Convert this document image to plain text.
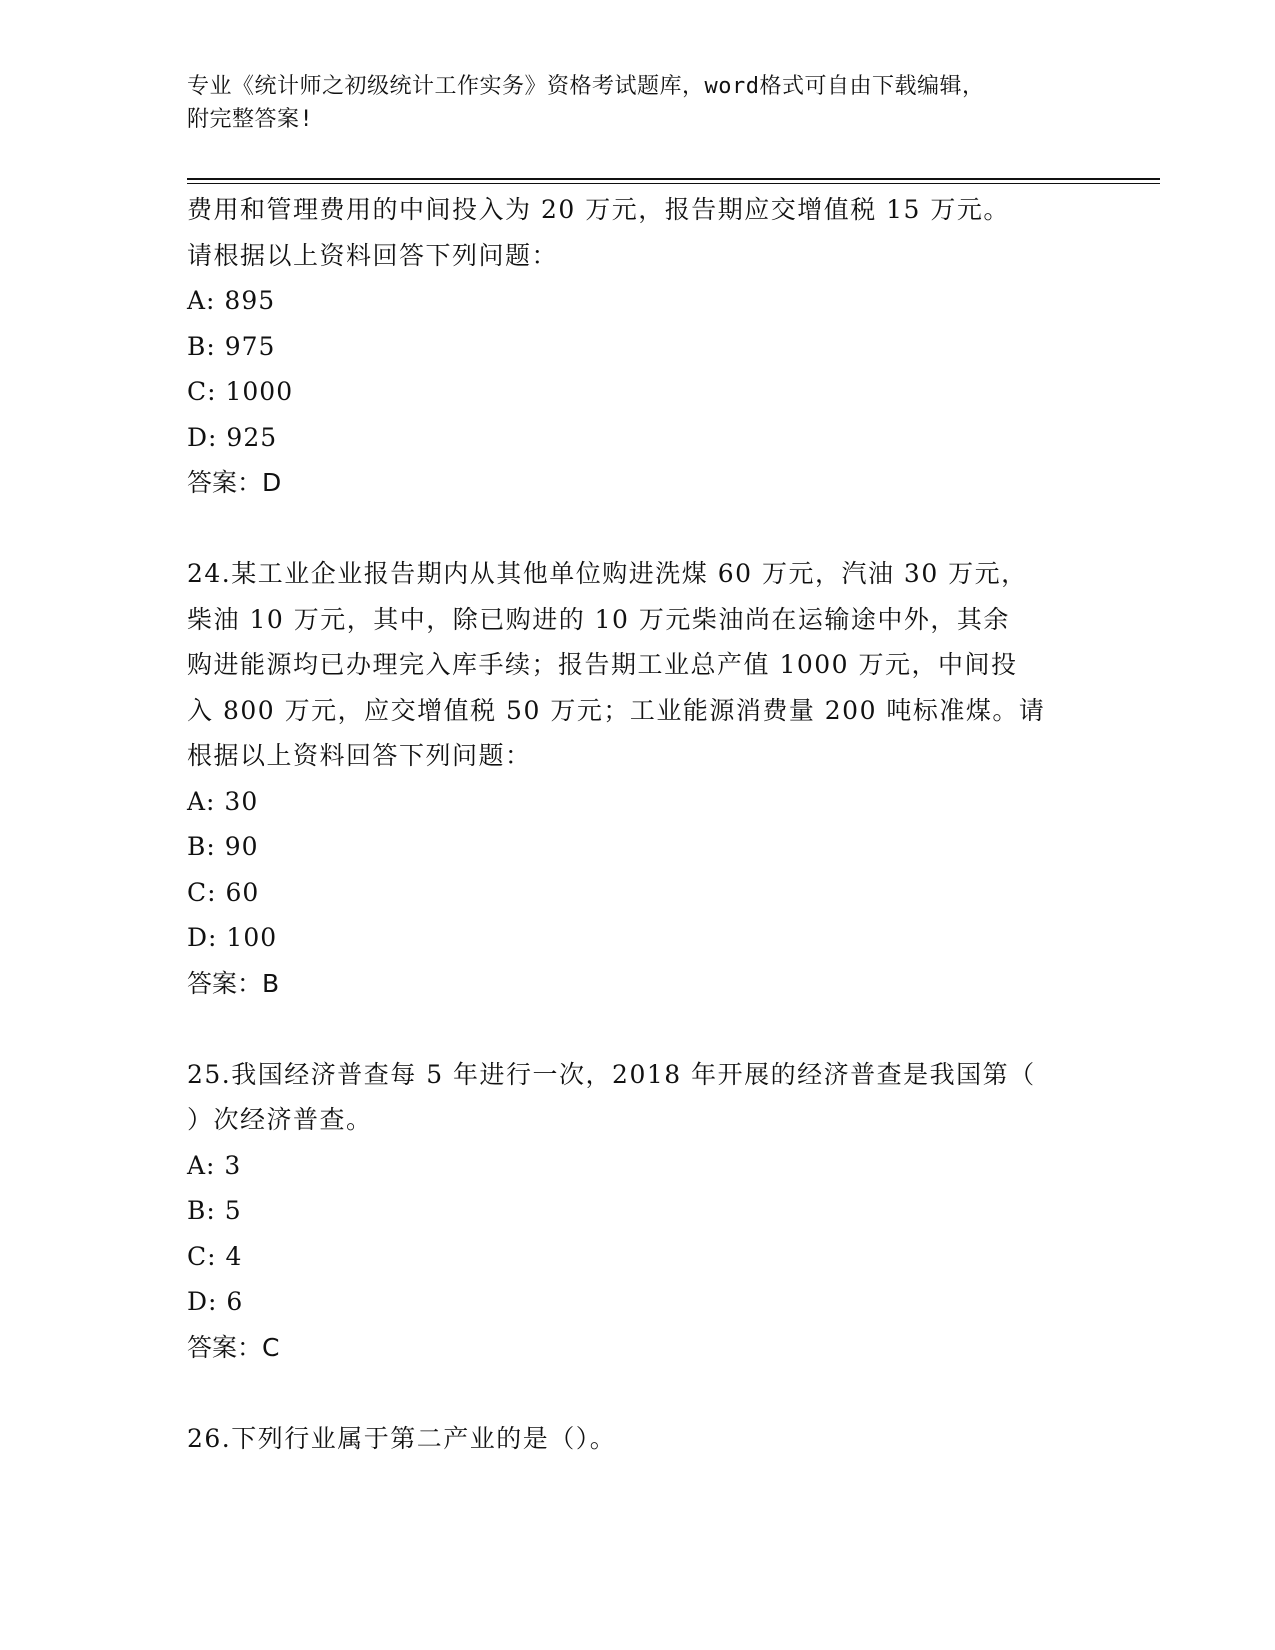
专业《统计师之初级统计工作实务》资格考试题库，word格式可自由下载编辑，
附完整答案!
费用和管理费用的中间投入为 20 万元，报告期应交增值税 15 万元。
请根据以上资料回答下列问题：
A: 895
B: 975
C: 1000
D: 925
答案：D
24.某工业企业报告期内从其他单位购进洗煤 60 万元，汽油 30 万元，
柴油 10 万元，其中，除已购进的 10 万元柴油尚在运输途中外，其余
购进能源均已办理完入库手续；报告期工业总产值 1000 万元，中间投
入 800 万元，应交增值税 50 万元；工业能源消费量 200 吨标准煤。请
根据以上资料回答下列问题：
A: 30
B: 90
C: 60
D: 100
答案：B
25.我国经济普查每 5 年进行一次，2018 年开展的经济普查是我国第（
）次经济普查。
A: 3
B: 5
C: 4
D: 6
答案：C
26.下列行业属于第二产业的是（）。
